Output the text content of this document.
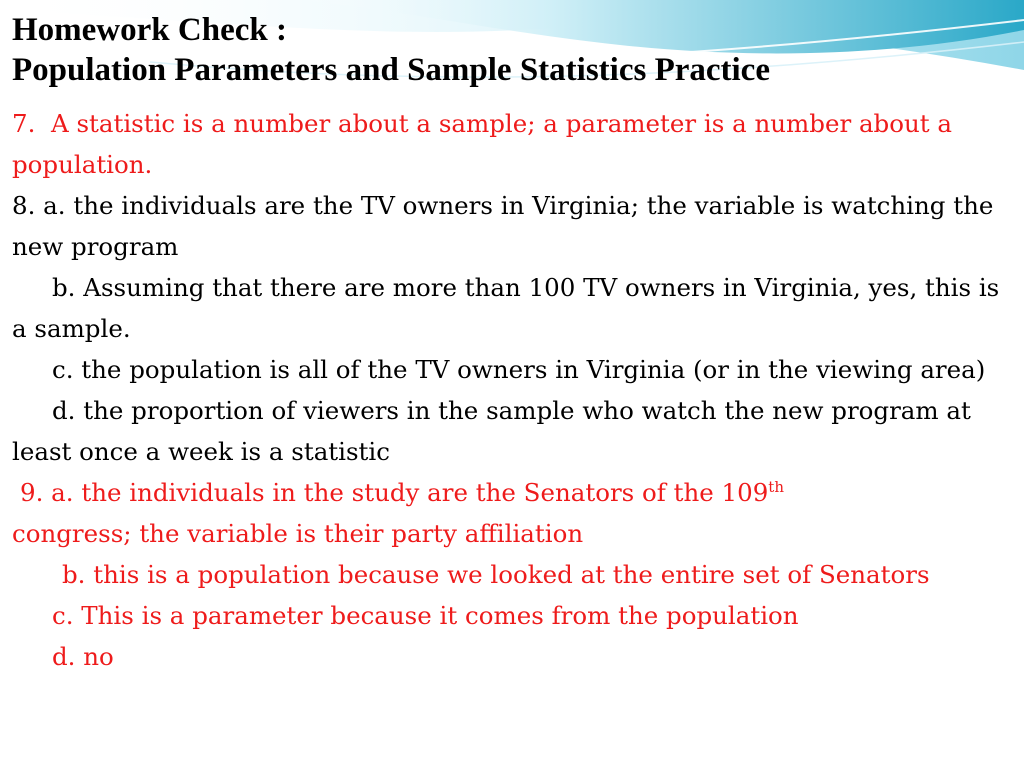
Homework Check :
Population Parameters and Sample Statistics Practice

7. A statistic is a number about a sample; a parameter is a number about a population.

8. a. the individuals are the TV owners in Virginia; the variable is watching the new program

b. Assuming that there are more than 100 TV owners in Virginia, yes, this is a sample.

c. the population is all of the TV owners in Virginia (or in the viewing area)

d. the proportion of viewers in the sample who watch the new program at least once a week is a statistic

9. a. the individuals in the study are the Senators of the 109th
congress; the variable is their party affiliation

b. this is a population because we looked at the entire set of Senators

c. This is a parameter because it comes from the population

d. no
